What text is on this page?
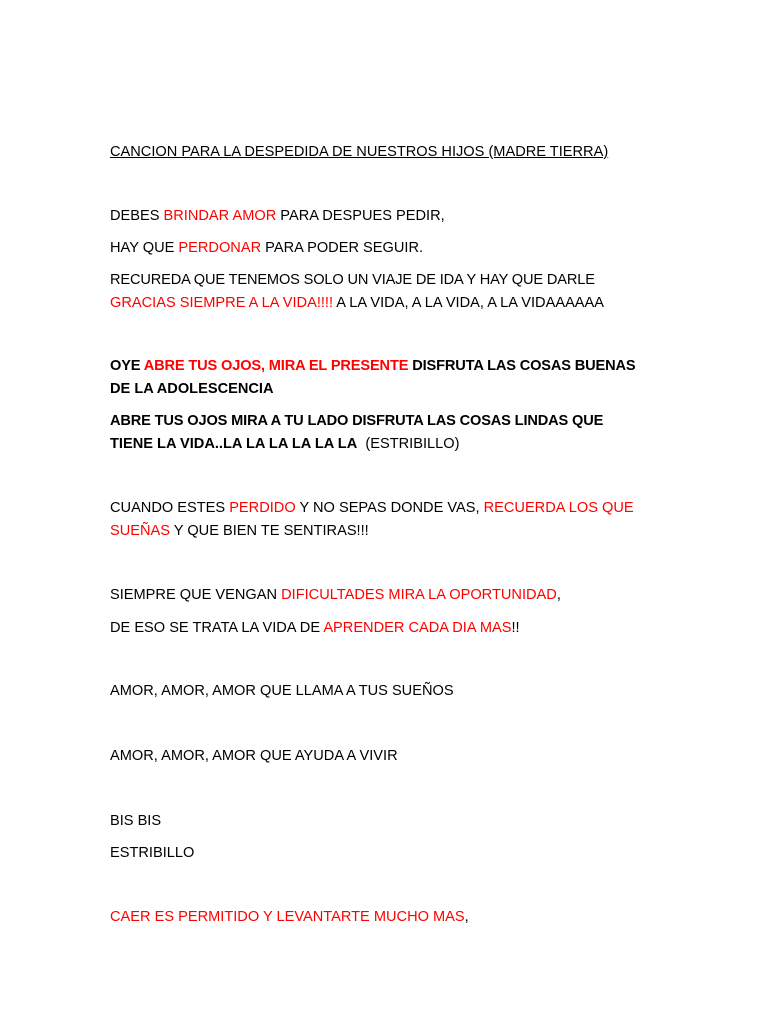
CANCION PARA LA DESPEDIDA DE NUESTROS HIJOS (MADRE TIERRA)
DEBES BRINDAR AMOR PARA DESPUES PEDIR,
HAY QUE PERDONAR PARA PODER SEGUIR.
RECUREDA QUE TENEMOS SOLO UN VIAJE DE IDA Y HAY QUE DARLE
GRACIAS SIEMPRE A LA VIDA!!!! A LA VIDA, A LA VIDA, A LA VIDAAAAAA
OYE ABRE TUS OJOS, MIRA EL PRESENTE DISFRUTA LAS COSAS BUENAS
DE LA ADOLESCENCIA
ABRE TUS OJOS MIRA A TU LADO DISFRUTA LAS COSAS LINDAS QUE
TIENE LA VIDA..LA LA LA LA LA LA  (ESTRIBILLO)
CUANDO ESTES PERDIDO Y NO SEPAS DONDE VAS, RECUERDA LOS QUE
SUEÑAS Y QUE BIEN TE SENTIRAS!!!
SIEMPRE QUE VENGAN DIFICULTADES MIRA LA OPORTUNIDAD,
DE ESO SE TRATA LA VIDA DE APRENDER CADA DIA MAS!!
AMOR, AMOR, AMOR QUE LLAMA A TUS SUEÑOS
AMOR, AMOR, AMOR QUE AYUDA A VIVIR
BIS BIS
ESTRIBILLO
CAER ES PERMITIDO Y LEVANTARTE MUCHO MAS,
